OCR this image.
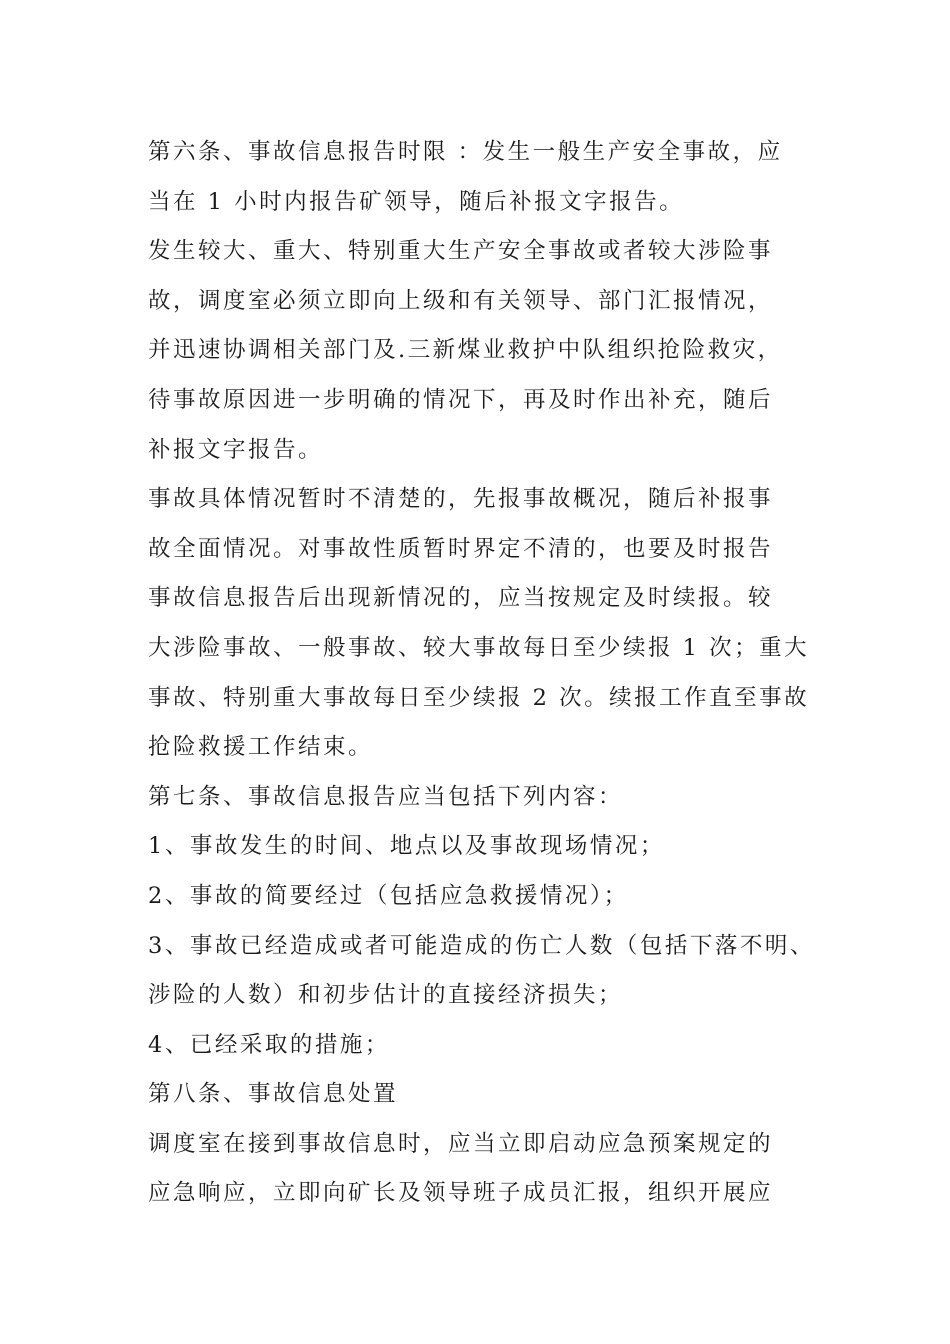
第六条、事故信息报告时限 ：发生一般生产安全事故，应
当在 1 小时内报告矿领导，随后补报文字报告。
发生较大、重大、特别重大生产安全事故或者较大涉险事
故，调度室必须立即向上级和有关领导、部门汇报情况，
并迅速协调相关部门及.三新煤业救护中队组织抢险救灾，
待事故原因进一步明确的情况下，再及时作出补充，随后
补报文字报告。
事故具体情况暂时不清楚的，先报事故概况，随后补报事
故全面情况。对事故性质暂时界定不清的，也要及时报告
事故信息报告后出现新情况的，应当按规定及时续报。较
大涉险事故、一般事故、较大事故每日至少续报 1 次；重大
事故、特别重大事故每日至少续报 2 次。续报工作直至事故
抢险救援工作结束。
第七条、事故信息报告应当包括下列内容：
1、事故发生的时间、地点以及事故现场情况；
2、事故的简要经过（包括应急救援情况）；
3、事故已经造成或者可能造成的伤亡人数（包括下落不明、
涉险的人数）和初步估计的直接经济损失；
4、已经采取的措施；
第八条、事故信息处置
调度室在接到事故信息时，应当立即启动应急预案规定的
应急响应，立即向矿长及领导班子成员汇报，组织开展应
